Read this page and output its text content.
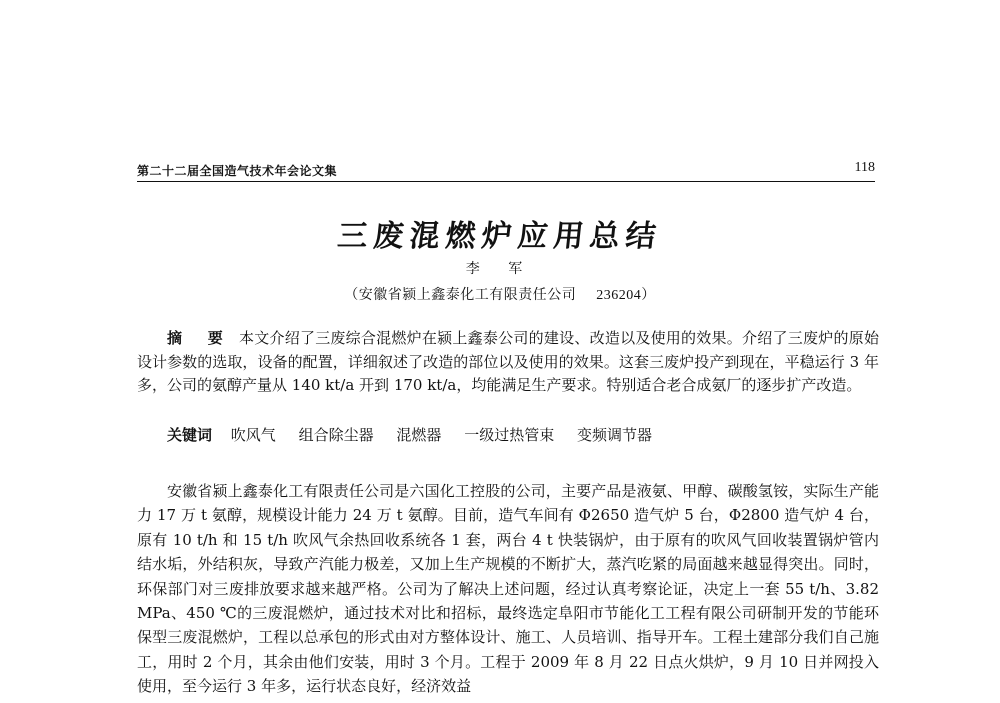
第二十二届全国造气技术年会论文集	118
三废混燃炉应用总结
李 军
（安徽省颍上鑫泰化工有限责任公司 236204）

摘 要 本文介绍了三废综合混燃炉在颍上鑫泰公司的建设、改造以及使用的效果。介绍了三废炉的原始设计参数的选取，设备的配置，详细叙述了改造的部位以及使用的效果。这套三废炉投产到现在，平稳运行 3 年多，公司的氨醇产量从 140 kt/a 开到 170 kt/a，均能满足生产要求。特别适合老合成氨厂的逐步扩产改造。

关键词 吹风气 组合除尘器 混燃器 一级过热管束 变频调节器

安徽省颍上鑫泰化工有限责任公司是六国化工控股的公司，主要产品是液氨、甲醇、碳酸氢铵，实际生产能力 17 万 t 氨醇，规模设计能力 24 万 t 氨醇。目前，造气车间有 Φ2650 造气炉 5 台，Φ2800 造气炉 4 台，原有 10 t/h 和 15 t/h 吹风气余热回收系统各 1 套，两台 4 t 快装锅炉，由于原有的吹风气回收装置锅炉管内结水垢，外结积灰，导致产汽能力极差，又加上生产规模的不断扩大，蒸汽吃紧的局面越来越显得突出。同时，环保部门对三废排放要求越来越严格。公司为了解决上述问题，经过认真考察论证，决定上一套 55 t/h、3.82 MPa、450 ℃的三废混燃炉，通过技术对比和招标，最终选定阜阳市节能化工工程有限公司研制开发的节能环保型三废混燃炉，工程以总承包的形式由对方整体设计、施工、人员培训、指导开车。工程土建部分我们自己施工，用时 2 个月，其余由他们安装，用时 3 个月。工程于 2009 年 8 月 22 日点火烘炉，9 月 10 日并网投入使用，至今运行 3 年多，运行状态良好，经济效益
